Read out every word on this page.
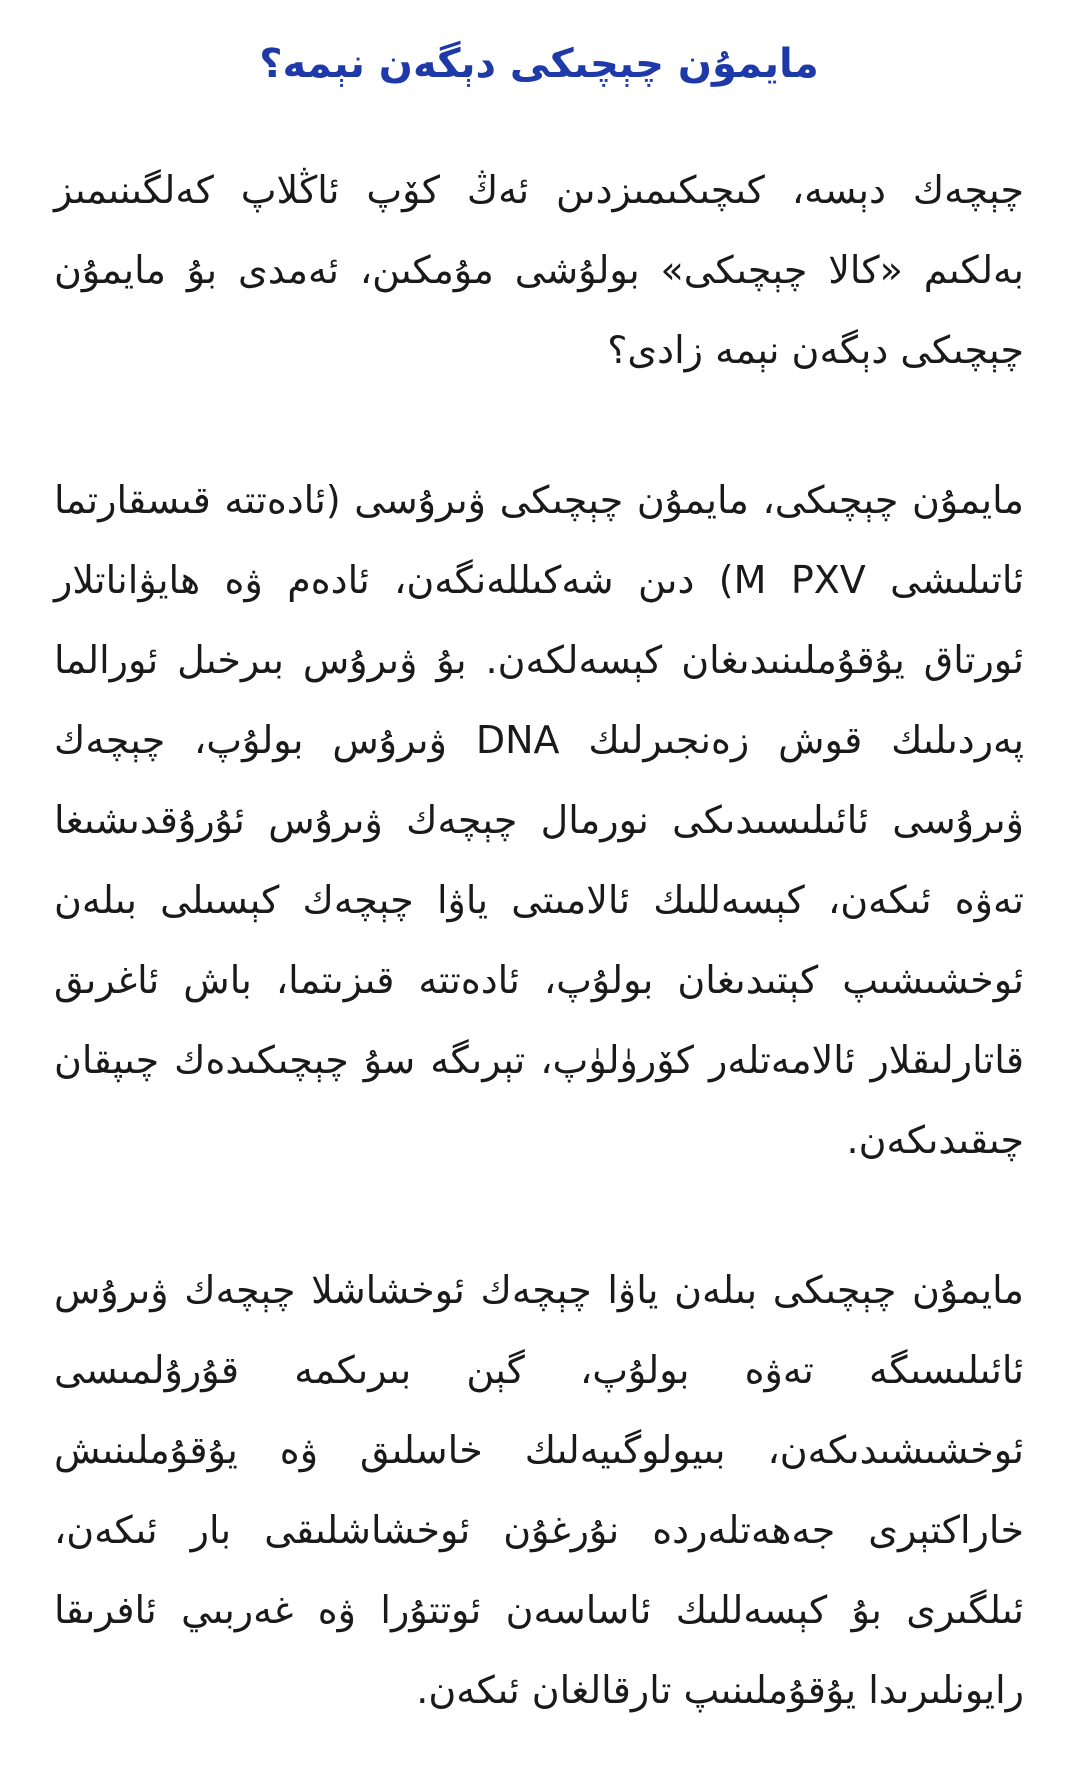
مايمۇن چېچىكى دېگەن نېمە؟

چېچەك دېسە، كىچىكىمىزدىن ئەڭ كۆپ ئاڭلاپ كەلگىنىمىز بەلكىم «كالا چېچىكى» بولۇشى مۇمكىن، ئەمدى بۇ مايمۇن چېچىكى دېگەن نېمە زادى؟

مايمۇن چېچىكى، مايمۇن چېچىكى ۋىرۇسى (ئادەتتە قىسقارتما ئاتىلىشى M PXV) دىن شەكىللەنگەن، ئادەم ۋە ھايۋاناتلار ئورتاق يۇقۇملىنىدىغان كېسەلكەن. بۇ ۋىرۇس بىرخىل ئورالما پەردىلىك قوش زەنجىرلىك DNA ۋىرۇس بولۇپ، چېچەك ۋىرۇسى ئائىلىسىدىكى نورمال چېچەك ۋىرۇس ئۇرۇقدىشىغا تەۋە ئىكەن، كېسەللىك ئالامىتى ياۋا چېچەك كېسىلى بىلەن ئوخشىشىپ كېتىدىغان بولۇپ، ئادەتتە قىزىتما، باش ئاغرىق قاتارلىقلار ئالامەتلەر كۆرۈلۈپ، تېرىگە سۇ چېچىكىدەك چىپقان چىقىدىكەن.

مايمۇن چېچىكى بىلەن ياۋا چېچەك ئوخشاشلا چېچەك ۋىرۇس ئائىلىسىگە تەۋە بولۇپ، گېن بىرىكمە قۇرۇلمىسى ئوخشىشىدىكەن، بىيولوگىيەلىك خاسلىق ۋە يۇقۇملىنىش خاراكتېرى جەھەتلەردە نۇرغۇن ئوخشاشلىقى بار ئىكەن، ئىلگىرى بۇ كېسەللىك ئاساسەن ئوتتۇرا ۋە غەربىي ئافرىقا رايونلىرىدا يۇقۇملىنىپ تارقالغان ئىكەن.
